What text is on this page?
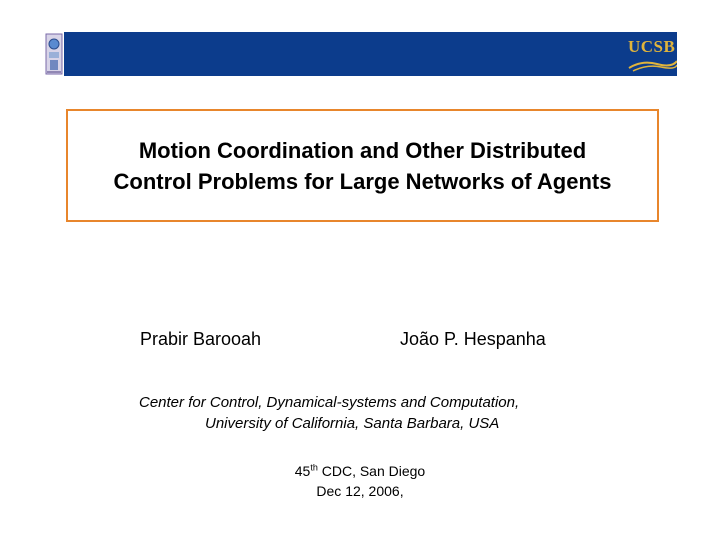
UCSB
Motion Coordination and Other Distributed
Control Problems for Large Networks of Agents
Prabir Barooah	João P. Hespanha
Center for Control, Dynamical-systems and Computation,
University of California, Santa Barbara, USA
45th CDC, San Diego
Dec 12, 2006,
